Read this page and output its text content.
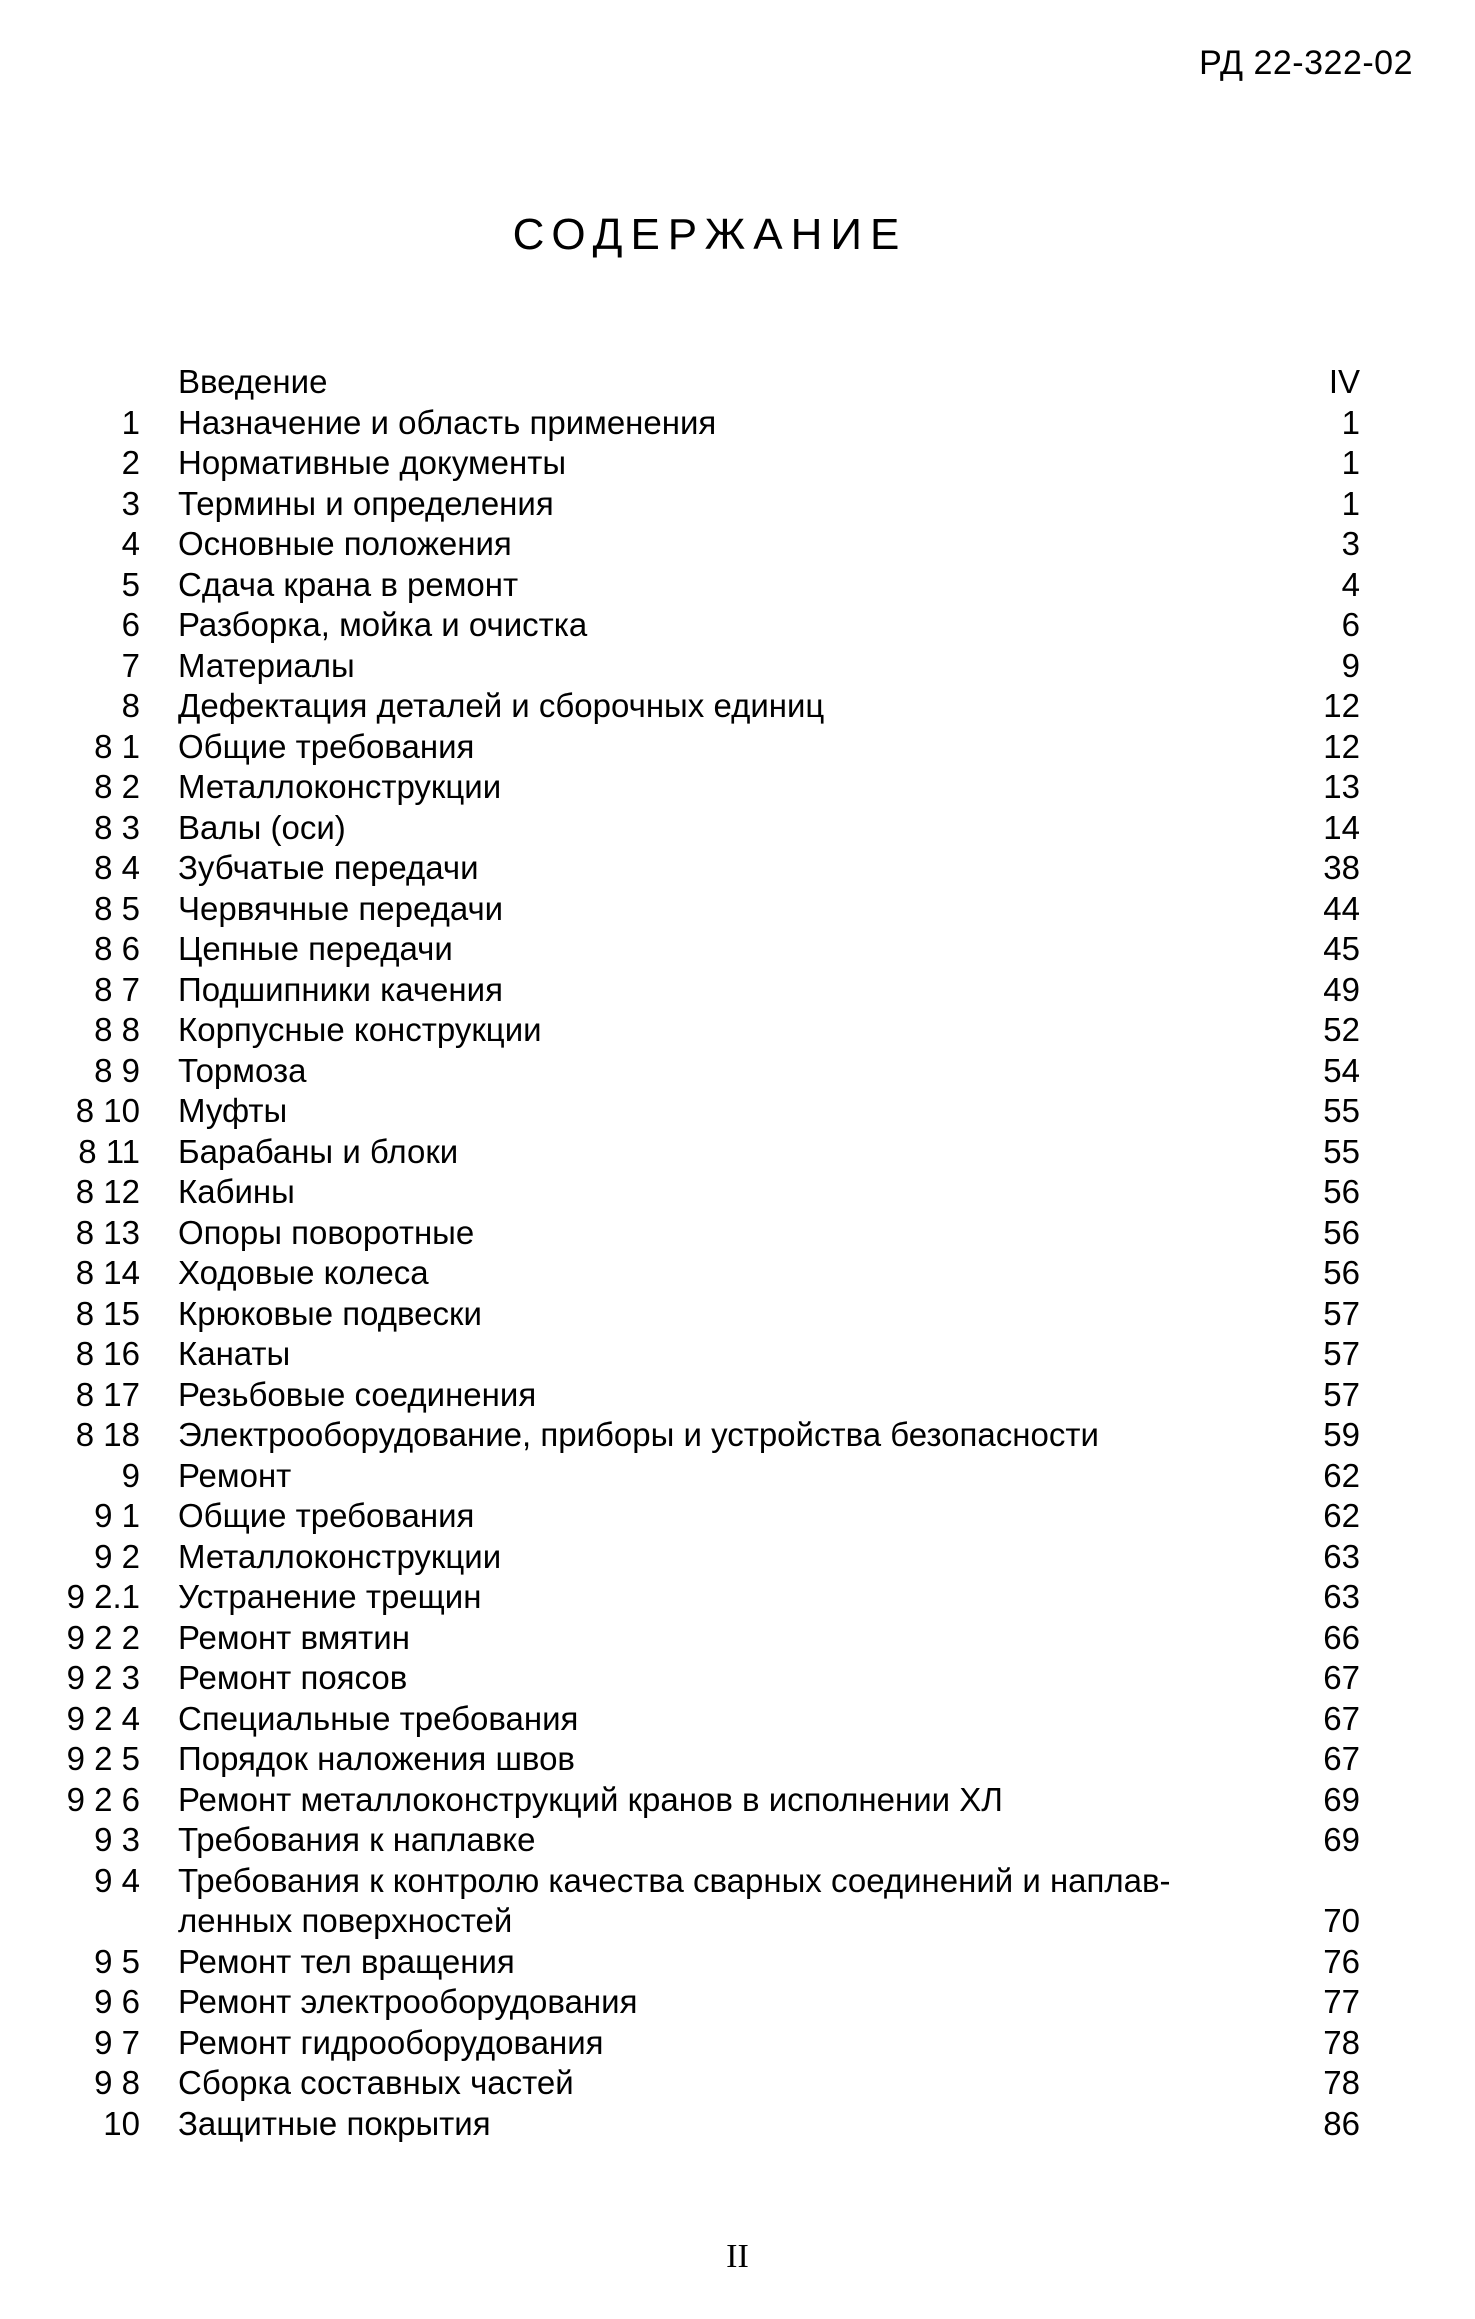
РД 22-322-02
СОДЕРЖАНИЕ
Введение	IV
1	Назначение и область применения	1
2	Нормативные документы	1
3	Термины и определения	1
4	Основные положения	3
5	Сдача крана в ремонт	4
6	Разборка, мойка и очистка	6
7	Материалы	9
8	Дефектация деталей и сборочных единиц	12
8 1	Общие требования	12
8 2	Металлоконструкции	13
8 3	Валы (оси)	14
8 4	Зубчатые передачи	38
8 5	Червячные передачи	44
8 6	Цепные передачи	45
8 7	Подшипники качения	49
8 8	Корпусные конструкции	52
8 9	Тормоза	54
8 10	Муфты	55
8 11	Барабаны и блоки	55
8 12	Кабины	56
8 13	Опоры поворотные	56
8 14	Ходовые колеса	56
8 15	Крюковые подвески	57
8 16	Канаты	57
8 17	Резьбовые соединения	57
8 18	Электрооборудование, приборы и устройства безопасности	59
9	Ремонт	62
9 1	Общие требования	62
9 2	Металлоконструкции	63
9 2.1	Устранение трещин	63
9 2 2	Ремонт вмятин	66
9 2 3	Ремонт поясов	67
9 2 4	Специальные требования	67
9 2 5	Порядок наложения швов	67
9 2 6	Ремонт металлоконструкций кранов в исполнении ХЛ	69
9 3	Требования к наплавке	69
9 4	Требования к контролю качества сварных соединений и наплав-
ленных поверхностей	70
9 5	Ремонт тел вращения	76
9 6	Ремонт электрооборудования	77
9 7	Ремонт гидрооборудования	78
9 8	Сборка составных частей	78
10	Защитные покрытия	86
II
